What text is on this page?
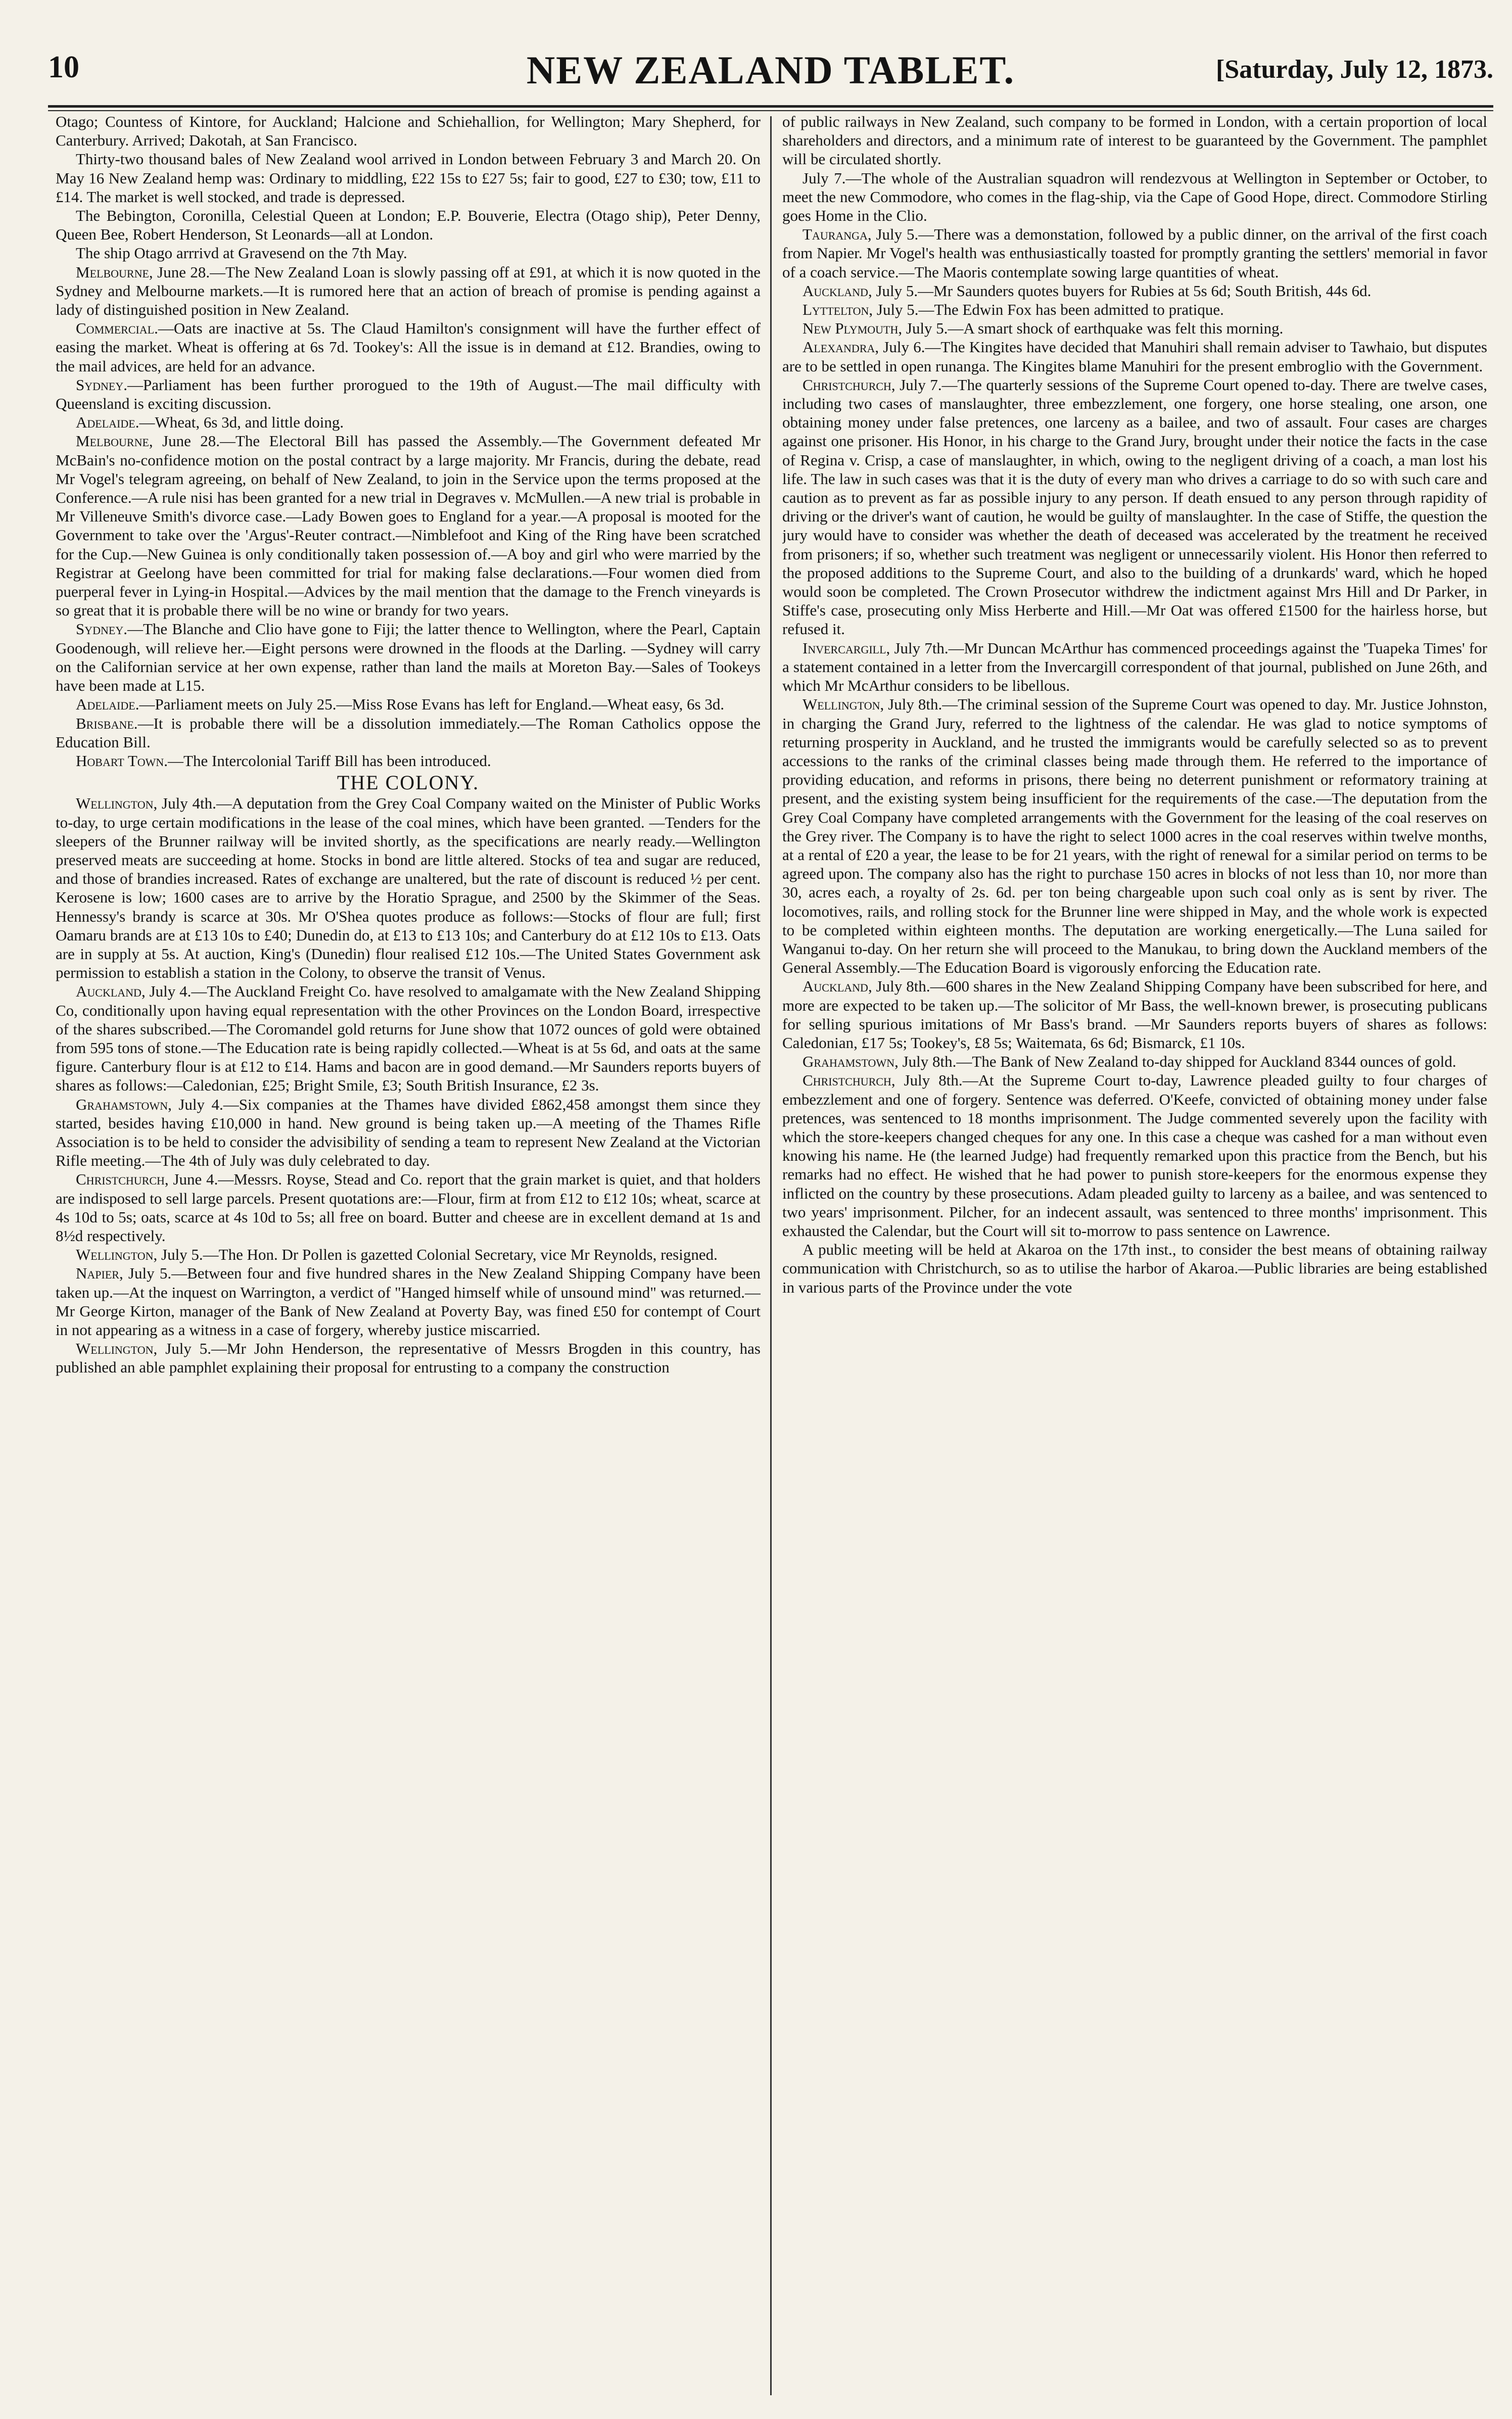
10	NEW ZEALAND TABLET.	[Saturday, July 12, 1873.

Otago; Countess of Kintore, for Auckland; Halcione and Schiehallion, for Wellington; Mary Shepherd, for Canterbury. Arrived; Dakotah, at San Francisco.

Thirty-two thousand bales of New Zealand wool arrived in London between February 3 and March 20. On May 16 New Zealand hemp was: Ordinary to middling, £22 15s to £27 5s; fair to good, £27 to £30; tow, £11 to £14. The market is well stocked, and trade is depressed.

The Bebington, Coronilla, Celestial Queen at London; E.P. Bouverie, Electra (Otago ship), Peter Denny, Queen Bee, Robert Henderson, St Leonards—all at London.

The ship Otago arrrivd at Gravesend on the 7th May.

Melbourne, June 28.—The New Zealand Loan is slowly passing off at £91, at which it is now quoted in the Sydney and Melbourne markets.—It is rumored here that an action of breach of promise is pending against a lady of distinguished position in New Zealand.

Commercial.—Oats are inactive at 5s. The Claud Hamilton's consignment will have the further effect of easing the market. Wheat is offering at 6s 7d. Tookey's: All the issue is in demand at £12. Brandies, owing to the mail advices, are held for an advance.

Sydney.—Parliament has been further prorogued to the 19th of August.—The mail difficulty with Queensland is exciting discussion.

Adelaide.—Wheat, 6s 3d, and little doing.

Melbourne, June 28.—The Electoral Bill has passed the Assembly.—The Government defeated Mr McBain's no-confidence motion on the postal contract by a large majority. Mr Francis, during the debate, read Mr Vogel's telegram agreeing, on behalf of New Zealand, to join in the Service upon the terms proposed at the Conference.—A rule nisi has been granted for a new trial in Degraves v. McMullen.—A new trial is probable in Mr Villeneuve Smith's divorce case.—Lady Bowen goes to England for a year.—A proposal is mooted for the Government to take over the 'Argus'-Reuter contract.—Nimblefoot and King of the Ring have been scratched for the Cup.—New Guinea is only conditionally taken possession of.—A boy and girl who were married by the Registrar at Geelong have been committed for trial for making false declarations.—Four women died from puerperal fever in Lying-in Hospital.—Advices by the mail mention that the damage to the French vineyards is so great that it is probable there will be no wine or brandy for two years.

Sydney.—The Blanche and Clio have gone to Fiji; the latter thence to Wellington, where the Pearl, Captain Goodenough, will relieve her.—Eight persons were drowned in the floods at the Darling. —Sydney will carry on the Californian service at her own expense, rather than land the mails at Moreton Bay.—Sales of Tookeys have been made at L15.

Adelaide.—Parliament meets on July 25.—Miss Rose Evans has left for England.—Wheat easy, 6s 3d.

Brisbane.—It is probable there will be a dissolution immediately.—The Roman Catholics oppose the Education Bill.

Hobart Town.—The Intercolonial Tariff Bill has been introduced.

THE COLONY.

Wellington, July 4th.—A deputation from the Grey Coal Company waited on the Minister of Public Works to-day, to urge certain modifications in the lease of the coal mines, which have been granted. —Tenders for the sleepers of the Brunner railway will be invited shortly, as the specifications are nearly ready.—Wellington preserved meats are succeeding at home. Stocks in bond are little altered. Stocks of tea and sugar are reduced, and those of brandies increased. Rates of exchange are unaltered, but the rate of discount is reduced ½ per cent. Kerosene is low; 1600 cases are to arrive by the Horatio Sprague, and 2500 by the Skimmer of the Seas. Hennessy's brandy is scarce at 30s. Mr O'Shea quotes produce as follows:—Stocks of flour are full; first Oamaru brands are at £13 10s to £40; Dunedin do, at £13 to £13 10s; and Canterbury do at £12 10s to £13. Oats are in supply at 5s. At auction, King's (Dunedin) flour realised £12 10s.—The United States Government ask permission to establish a station in the Colony, to observe the transit of Venus.

Auckland, July 4.—The Auckland Freight Co. have resolved to amalgamate with the New Zealand Shipping Co, conditionally upon having equal representation with the other Provinces on the London Board, irrespective of the shares subscribed.—The Coromandel gold returns for June show that 1072 ounces of gold were obtained from 595 tons of stone.—The Education rate is being rapidly collected.—Wheat is at 5s 6d, and oats at the same figure. Canterbury flour is at £12 to £14. Hams and bacon are in good demand.—Mr Saunders reports buyers of shares as follows:—Caledonian, £25; Bright Smile, £3; South British Insurance, £2 3s.

Grahamstown, July 4.—Six companies at the Thames have divided £862,458 amongst them since they started, besides having £10,000 in hand. New ground is being taken up.—A meeting of the Thames Rifle Association is to be held to consider the advisibility of sending a team to represent New Zealand at the Victorian Rifle meeting.—The 4th of July was duly celebrated to day.

Christchurch, June 4.—Messrs. Royse, Stead and Co. report that the grain market is quiet, and that holders are indisposed to sell large parcels. Present quotations are:—Flour, firm at from £12 to £12 10s; wheat, scarce at 4s 10d to 5s; oats, scarce at 4s 10d to 5s; all free on board. Butter and cheese are in excellent demand at 1s and 8½d respectively.

Wellington, July 5.—The Hon. Dr Pollen is gazetted Colonial Secretary, vice Mr Reynolds, resigned.

Napier, July 5.—Between four and five hundred shares in the New Zealand Shipping Company have been taken up.—At the inquest on Warrington, a verdict of "Hanged himself while of unsound mind" was returned.—Mr George Kirton, manager of the Bank of New Zealand at Poverty Bay, was fined £50 for contempt of Court in not appearing as a witness in a case of forgery, whereby justice miscarried.

Wellington, July 5.—Mr John Henderson, the representative of Messrs Brogden in this country, has published an able pamphlet explaining their proposal for entrusting to a company the construction

of public railways in New Zealand, such company to be formed in London, with a certain proportion of local shareholders and directors, and a minimum rate of interest to be guaranteed by the Government. The pamphlet will be circulated shortly.

July 7.—The whole of the Australian squadron will rendezvous at Wellington in September or October, to meet the new Commodore, who comes in the flag-ship, via the Cape of Good Hope, direct. Commodore Stirling goes Home in the Clio.

Tauranga, July 5.—There was a demonstation, followed by a public dinner, on the arrival of the first coach from Napier. Mr Vogel's health was enthusiastically toasted for promptly granting the settlers' memorial in favor of a coach service.—The Maoris contemplate sowing large quantities of wheat.

Auckland, July 5.—Mr Saunders quotes buyers for Rubies at 5s 6d; South British, 44s 6d.

Lyttelton, July 5.—The Edwin Fox has been admitted to pratique.

New Plymouth, July 5.—A smart shock of earthquake was felt this morning.

Alexandra, July 6.—The Kingites have decided that Manuhiri shall remain adviser to Tawhaio, but disputes are to be settled in open runanga. The Kingites blame Manuhiri for the present embroglio with the Government.

Christchurch, July 7.—The quarterly sessions of the Supreme Court opened to-day. There are twelve cases, including two cases of manslaughter, three embezzlement, one forgery, one horse stealing, one arson, one obtaining money under false pretences, one larceny as a bailee, and two of assault. Four cases are charges against one prisoner. His Honor, in his charge to the Grand Jury, brought under their notice the facts in the case of Regina v. Crisp, a case of manslaughter, in which, owing to the negligent driving of a coach, a man lost his life. The law in such cases was that it is the duty of every man who drives a carriage to do so with such care and caution as to prevent as far as possible injury to any person. If death ensued to any person through rapidity of driving or the driver's want of caution, he would be guilty of manslaughter. In the case of Stiffe, the question the jury would have to consider was whether the death of deceased was accelerated by the treatment he received from prisoners; if so, whether such treatment was negligent or unnecessarily violent. His Honor then referred to the proposed additions to the Supreme Court, and also to the building of a drunkards' ward, which he hoped would soon be completed. The Crown Prosecutor withdrew the indictment against Mrs Hill and Dr Parker, in Stiffe's case, prosecuting only Miss Herberte and Hill.—Mr Oat was offered £1500 for the hairless horse, but refused it.

Invercargill, July 7th.—Mr Duncan McArthur has commenced proceedings against the 'Tuapeka Times' for a statement contained in a letter from the Invercargill correspondent of that journal, published on June 26th, and which Mr McArthur considers to be libellous.

Wellington, July 8th.—The criminal session of the Supreme Court was opened to day. Mr. Justice Johnston, in charging the Grand Jury, referred to the lightness of the calendar. He was glad to notice symptoms of returning prosperity in Auckland, and he trusted the immigrants would be carefully selected so as to prevent accessions to the ranks of the criminal classes being made through them. He referred to the importance of providing education, and reforms in prisons, there being no deterrent punishment or reformatory training at present, and the existing system being insufficient for the requirements of the case.—The deputation from the Grey Coal Company have completed arrangements with the Government for the leasing of the coal reserves on the Grey river. The Company is to have the right to select 1000 acres in the coal reserves within twelve months, at a rental of £20 a year, the lease to be for 21 years, with the right of renewal for a similar period on terms to be agreed upon. The company also has the right to purchase 150 acres in blocks of not less than 10, nor more than 30, acres each, a royalty of 2s. 6d. per ton being chargeable upon such coal only as is sent by river. The locomotives, rails, and rolling stock for the Brunner line were shipped in May, and the whole work is expected to be completed within eighteen months. The deputation are working energetically.—The Luna sailed for Wanganui to-day. On her return she will proceed to the Manukau, to bring down the Auckland members of the General Assembly.—The Education Board is vigorously enforcing the Education rate.

Auckland, July 8th.—600 shares in the New Zealand Shipping Company have been subscribed for here, and more are expected to be taken up.—The solicitor of Mr Bass, the well-known brewer, is prosecuting publicans for selling spurious imitations of Mr Bass's brand. —Mr Saunders reports buyers of shares as follows: Caledonian, £17 5s; Tookey's, £8 5s; Waitemata, 6s 6d; Bismarck, £1 10s.

Grahamstown, July 8th.—The Bank of New Zealand to-day shipped for Auckland 8344 ounces of gold.

Christchurch, July 8th.—At the Supreme Court to-day, Lawrence pleaded guilty to four charges of embezzlement and one of forgery. Sentence was deferred. O'Keefe, convicted of obtaining money under false pretences, was sentenced to 18 months imprisonment. The Judge commented severely upon the facility with which the store-keepers changed cheques for any one. In this case a cheque was cashed for a man without even knowing his name. He (the learned Judge) had frequently remarked upon this practice from the Bench, but his remarks had no effect. He wished that he had power to punish store-keepers for the enormous expense they inflicted on the country by these prosecutions. Adam pleaded guilty to larceny as a bailee, and was sentenced to two years' imprisonment. Pilcher, for an indecent assault, was sentenced to three months' imprisonment. This exhausted the Calendar, but the Court will sit to-morrow to pass sentence on Lawrence.

A public meeting will be held at Akaroa on the 17th inst., to consider the best means of obtaining railway communication with Christchurch, so as to utilise the harbor of Akaroa.—Public libraries are being established in various parts of the Province under the vote
